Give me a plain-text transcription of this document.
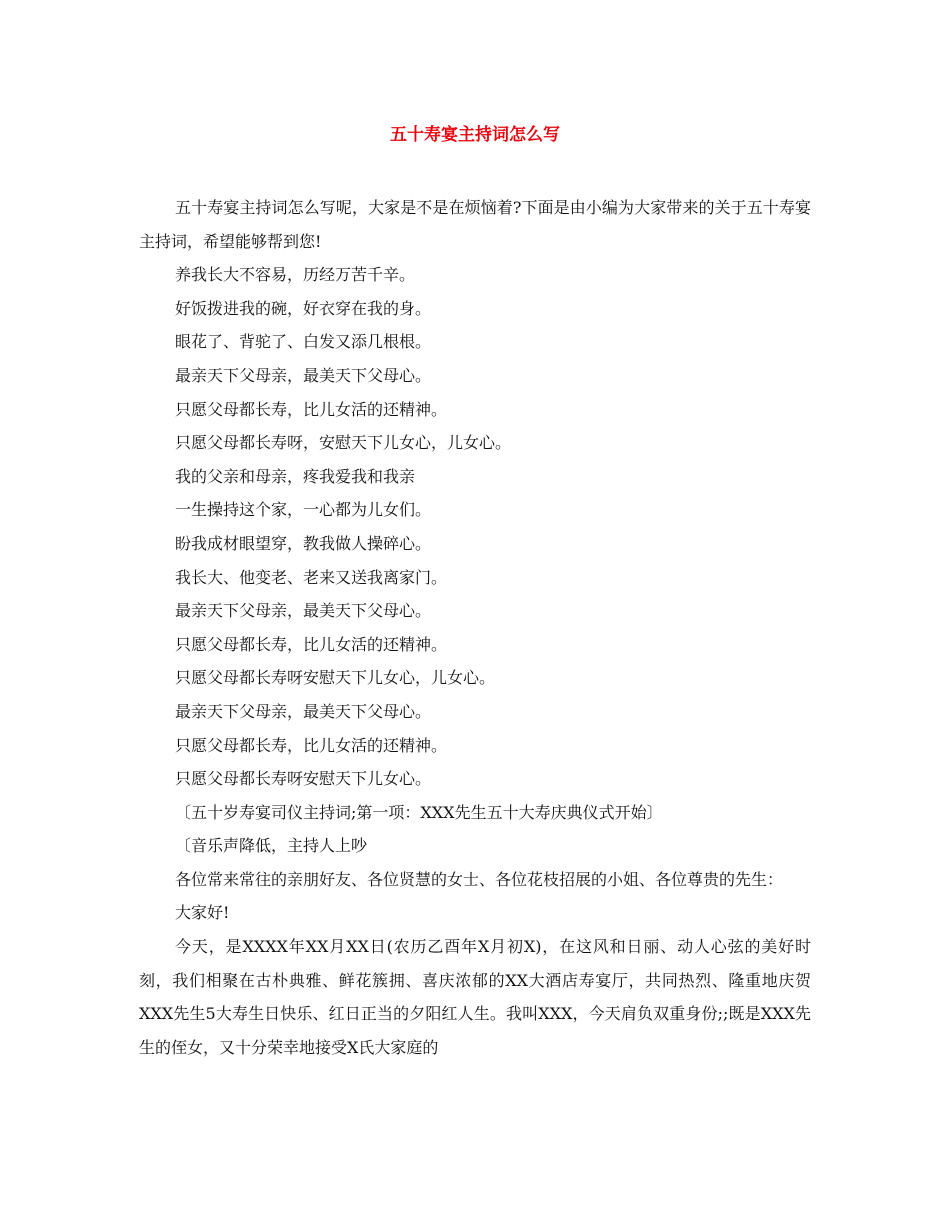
五十寿宴主持词怎么写

五十寿宴主持词怎么写呢，大家是不是在烦恼着?下面是由小编为大家带来的关于五十寿宴主持词，希望能够帮到您!

养我长大不容易，历经万苦千辛。

好饭拨进我的碗，好衣穿在我的身。

眼花了、背驼了、白发又添几根根。

最亲天下父母亲，最美天下父母心。

只愿父母都长寿，比儿女活的还精神。

只愿父母都长寿呀，安慰天下儿女心，儿女心。

我的父亲和母亲，疼我爱我和我亲

一生操持这个家，一心都为儿女们。

盼我成材眼望穿，教我做人操碎心。

我长大、他变老、老来又送我离家门。

最亲天下父母亲，最美天下父母心。

只愿父母都长寿，比儿女活的还精神。

只愿父母都长寿呀安慰天下儿女心，儿女心。

最亲天下父母亲，最美天下父母心。

只愿父母都长寿，比儿女活的还精神。

只愿父母都长寿呀安慰天下儿女心。

〔五十岁寿宴司仪主持词;第一项：XXX先生五十大寿庆典仪式开始〕

〔音乐声降低，主持人上吵

各位常来常往的亲朋好友、各位贤慧的女士、各位花枝招展的小姐、各位尊贵的先生：

大家好!

今天，是XXXX年XX月XX日(农历乙酉年X月初X)，在这风和日丽、动人心弦的美好时刻，我们相聚在古朴典雅、鲜花簇拥、喜庆浓郁的XX大酒店寿宴厅，共同热烈、隆重地庆贺XXX先生5大寿生日快乐、红日正当的夕阳红人生。我叫XXX，今天肩负双重身份;;既是XXX先生的侄女，又十分荣幸地接受X氏大家庭的
